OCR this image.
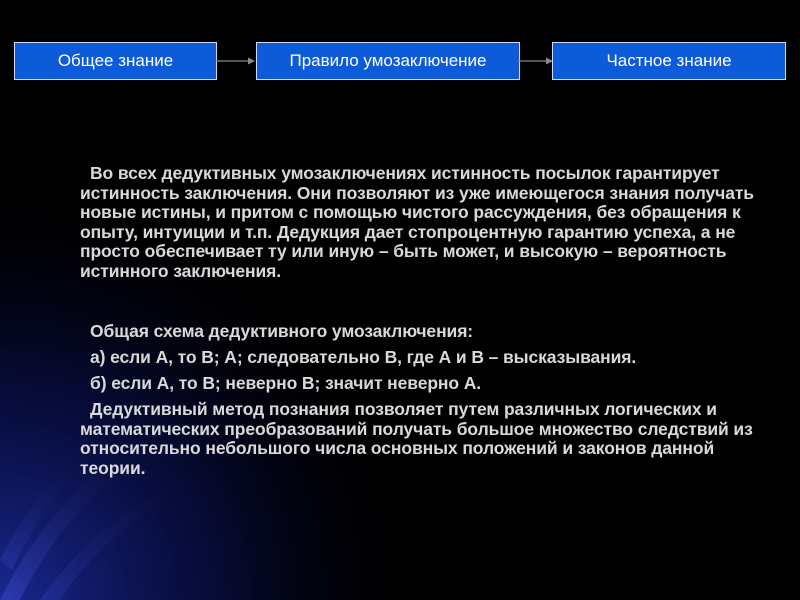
Общее знание	Правило умозаключение	Частное знание
Во всех дедуктивных умозаключениях истинность посылок гарантирует истинность заключения. Они позволяют из уже имеющегося знания получать новые истины, и притом с помощью чистого рассуждения, без обращения к опыту, интуиции и т.п. Дедукция дает стопроцентную гарантию успеха, а не просто обеспечивает ту или иную – быть может, и высокую – вероятность истинного заключения.
Общая схема дедуктивного умозаключения:
а) если А, то В; А; следовательно В, где А и В – высказывания.
б) если А, то В; неверно В; значит неверно А.
Дедуктивный метод познания позволяет путем различных логических и математических преобразований получать большое множество следствий из относительно небольшого числа основных положений и законов данной теории.
